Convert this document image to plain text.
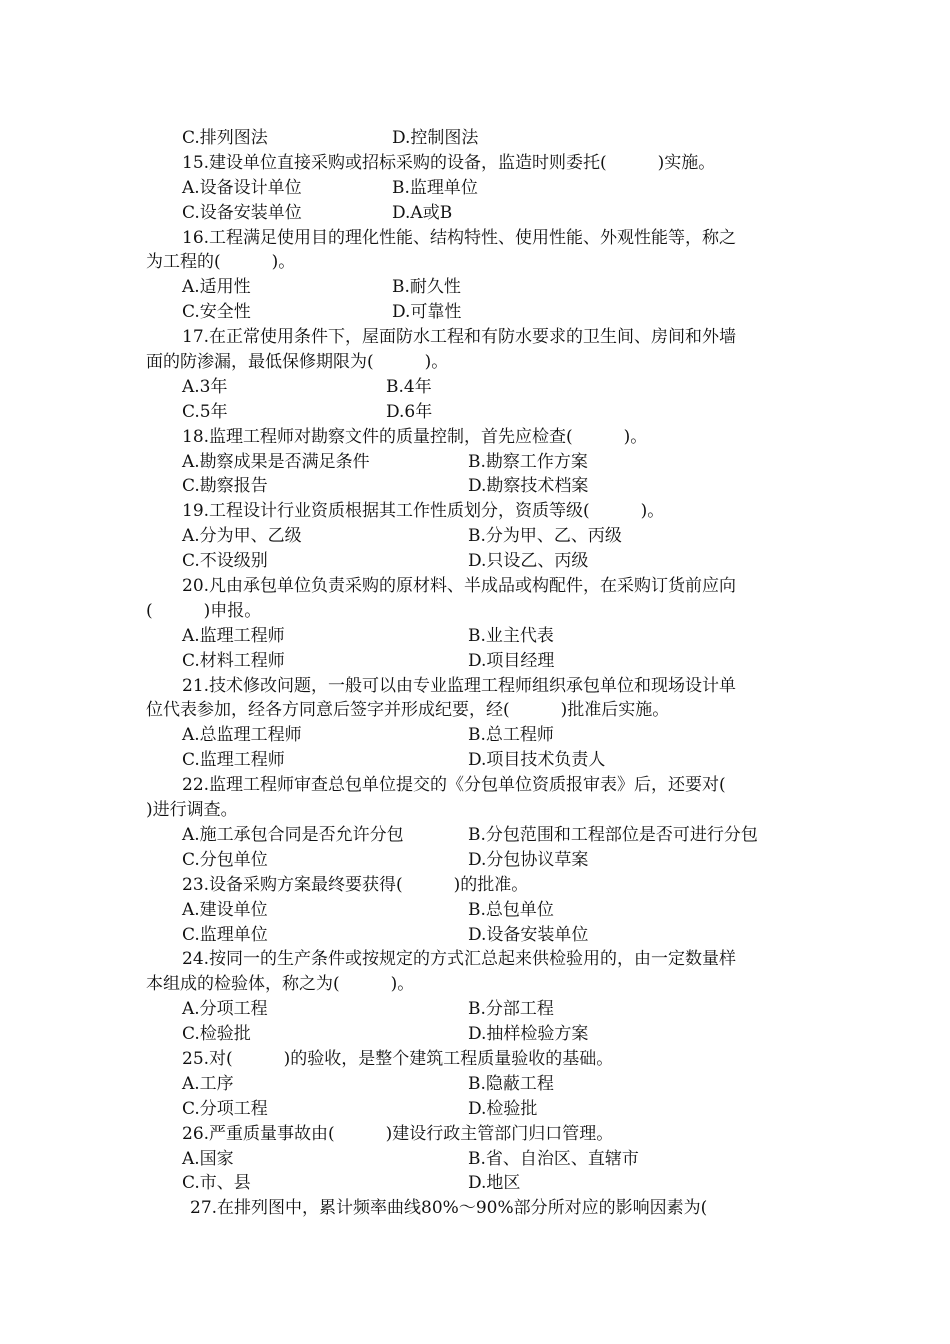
C.排列图法	D.控制图法
15.建设单位直接采购或招标采购的设备，监造时则委托(　　　)实施。
A.设备设计单位	B.监理单位
C.设备安装单位	D.A或B
16.工程满足使用目的理化性能、结构特性、使用性能、外观性能等，称之
为工程的(　　　)。
A.适用性	B.耐久性
C.安全性	D.可靠性
17.在正常使用条件下，屋面防水工程和有防水要求的卫生间、房间和外墙
面的防渗漏，最低保修期限为(　　　)。
A.3年	B.4年
C.5年	D.6年
18.监理工程师对勘察文件的质量控制，首先应检查(　　　)。
A.勘察成果是否满足条件	B.勘察工作方案
C.勘察报告	D.勘察技术档案
19.工程设计行业资质根据其工作性质划分，资质等级(　　　)。
A.分为甲、乙级	B.分为甲、乙、丙级
C.不设级别	D.只设乙、丙级
20.凡由承包单位负责采购的原材料、半成品或构配件，在采购订货前应向
(　　　)申报。
A.监理工程师	B.业主代表
C.材料工程师	D.项目经理
21.技术修改问题，一般可以由专业监理工程师组织承包单位和现场设计单
位代表参加，经各方同意后签字并形成纪要，经(　　　)批准后实施。
A.总监理工程师	B.总工程师
C.监理工程师	D.项目技术负责人
22.监理工程师审查总包单位提交的《分包单位资质报审表》后，还要对(
)进行调查。
A.施工承包合同是否允许分包	B.分包范围和工程部位是否可进行分包
C.分包单位	D.分包协议草案
23.设备采购方案最终要获得(　　　)的批准。
A.建设单位	B.总包单位
C.监理单位	D.设备安装单位
24.按同一的生产条件或按规定的方式汇总起来供检验用的，由一定数量样
本组成的检验体，称之为(　　　)。
A.分项工程	B.分部工程
C.检验批	D.抽样检验方案
25.对(　　　)的验收，是整个建筑工程质量验收的基础。
A.工序	B.隐蔽工程
C.分项工程	D.检验批
26.严重质量事故由(　　　)建设行政主管部门归口管理。
A.国家	B.省、自治区、直辖市
C.市、县	D.地区
27.在排列图中，累计频率曲线80%～90%部分所对应的影响因素为(
